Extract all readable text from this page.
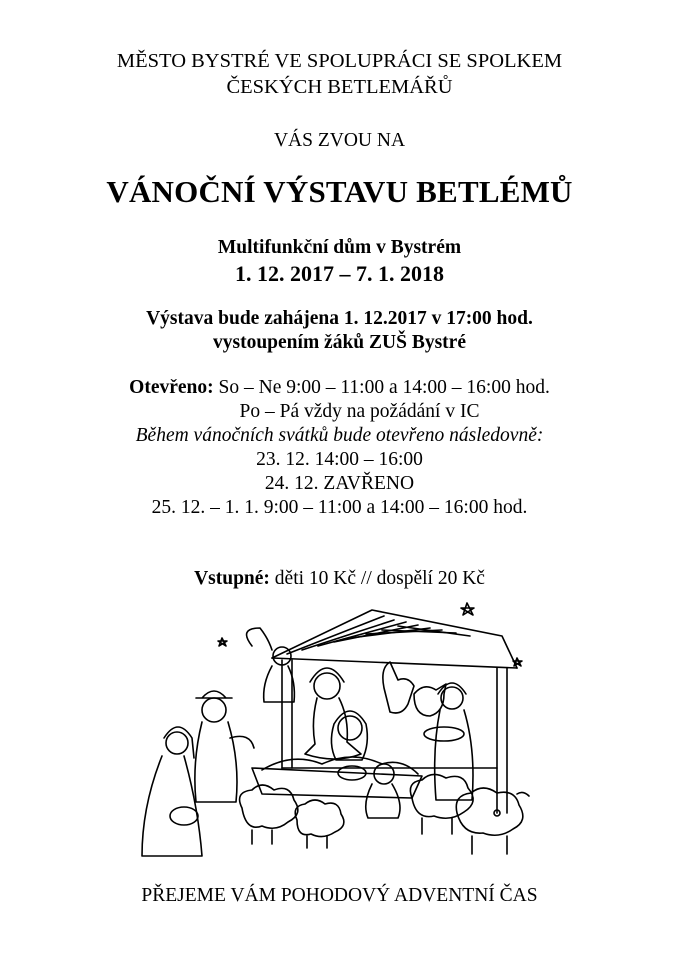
MĚSTO BYSTRÉ VE SPOLUPRÁCI SE SPOLKEM
ČESKÝCH BETLEMÁŘŮ
VÁS ZVOU NA
VÁNOČNÍ VÝSTAVU BETLÉMŮ
Multifunkční dům v Bystrém
1. 12. 2017 – 7. 1. 2018
Výstava bude zahájena 1. 12.2017 v 17:00 hod.
vystoupením žáků ZUŠ Bystré
Otevřeno: So – Ne 9:00 – 11:00 a 14:00 – 16:00 hod.
Po – Pá vždy na požádání v IC
Během vánočních svátků bude otevřeno následovně:
23. 12. 14:00 – 16:00
24. 12. ZAVŘENO
25. 12. – 1. 1. 9:00 – 11:00 a 14:00 – 16:00 hod.
Vstupné: děti 10 Kč // dospělí 20 Kč
PŘEJEME VÁM POHODOVÝ ADVENTNÍ ČAS
